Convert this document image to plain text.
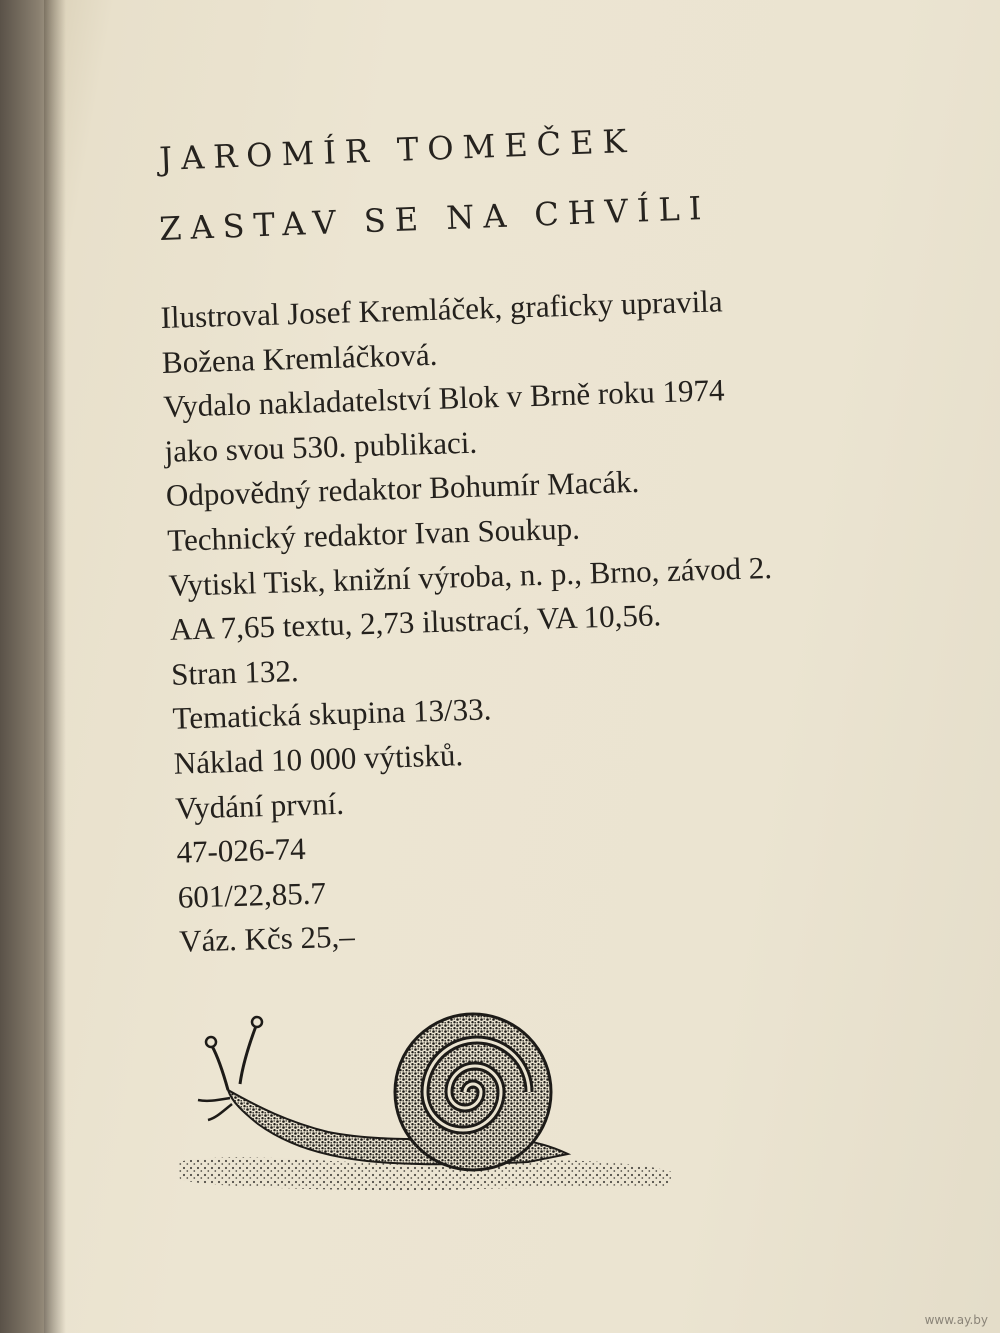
JAROMÍR TOMEČEK
ZASTAV SE NA CHVÍLI
Ilustroval Josef Kremláček, graficky upravila
Božena Kremláčková.
Vydalo nakladatelství Blok v Brně roku 1974
jako svou 530. publikaci.
Odpovědný redaktor Bohumír Macák.
Technický redaktor Ivan Soukup.
Vytiskl Tisk, knižní výroba, n. p., Brno, závod 2.
AA 7,65 textu, 2,73 ilustrací, VA 10,56.
Stran 132.
Tematická skupina 13/33.
Náklad 10 000 výtisků.
Vydání první.
47-026-74
601/22,85.7
Váz. Kčs 25,–
www.ay.by
